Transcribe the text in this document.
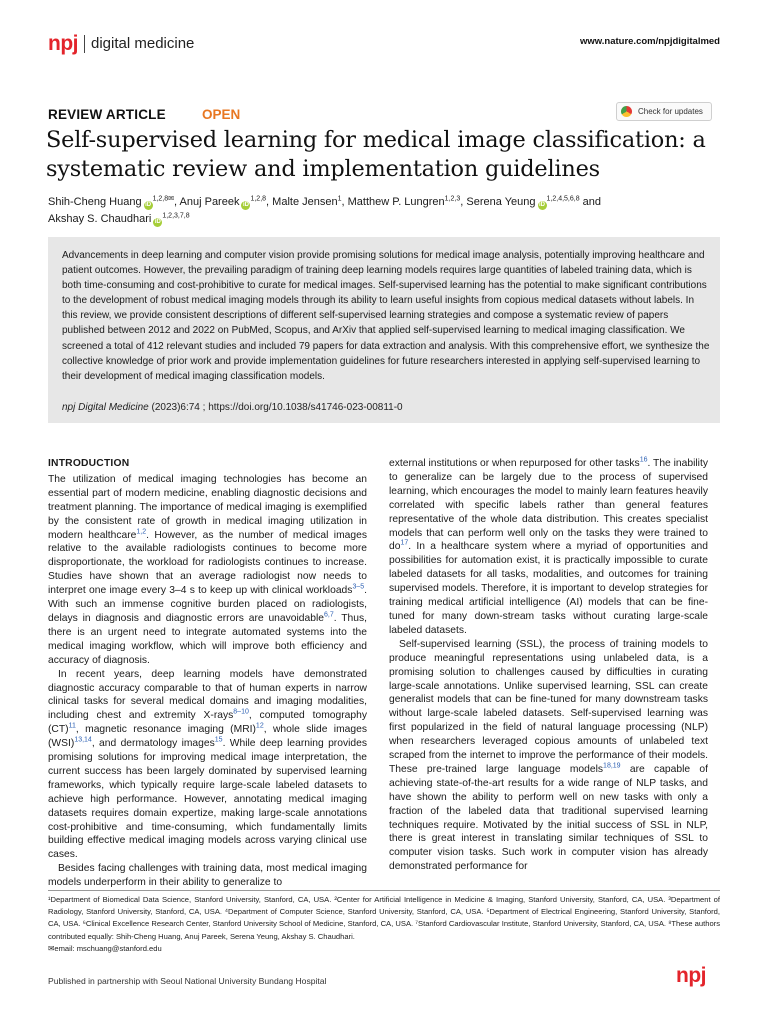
npj digital medicine	www.nature.com/npjdigitalmed
REVIEW ARTICLE	OPEN	Check for updates
Self-supervised learning for medical image classification: a systematic review and implementation guidelines
Shih-Cheng Huang $iD^{1,2,8✉}$, Anuj Pareek iD$^{1,2,8}$, Malte Jensen$^1$, Matthew P. Lungren$^{1,2,3}$, Serena Yeung iD$^{1,2,4,5,6,8}$ and
Akshay S. Chaudhari iD$^{1,2,3,7,8}$

Advancements in deep learning and computer vision provide promising solutions for medical image analysis, potentially improving healthcare and patient outcomes. However, the prevailing paradigm of training deep learning models requires large quantities of labeled training data, which is both time-consuming and cost-prohibitive to curate for medical images. Self-supervised learning has the potential to make significant contributions to the development of robust medical imaging models through its ability to learn useful insights from copious medical datasets without labels. In this review, we provide consistent descriptions of different self-supervised learning strategies and compose a systematic review of papers published between 2012 and 2022 on PubMed, Scopus, and ArXiv that applied self-supervised learning to medical imaging classification. We screened a total of 412 relevant studies and included 79 papers for data extraction and analysis. With this comprehensive effort, we synthesize the collective knowledge of prior work and provide implementation guidelines for future researchers interested in applying self-supervised learning to their development of medical imaging classification models.

npj Digital Medicine (2023)6:74 ; https://doi.org/10.1038/s41746-023-00811-0
INTRODUCTION

The utilization of medical imaging technologies has become an essential part of modern medicine, enabling diagnostic decisions and treatment planning. The importance of medical imaging is exemplified by the consistent rate of growth in medical imaging utilization in modern healthcare$^{1,2}$. However, as the number of medical images relative to the available radiologists continues to become more disproportionate, the workload for radiologists continues to increase. Studies have shown that an average radiologist now needs to interpret one image every 3–4 s to keep up with clinical workloads$^{3-5}$. With such an immense cognitive burden placed on radiologists, delays in diagnosis and diagnostic errors are unavoidable$^{6,7}$. Thus, there is an urgent need to integrate automated systems into the medical imaging workflow, which will improve both efficiency and accuracy of diagnosis.

In recent years, deep learning models have demonstrated diagnostic accuracy comparable to that of human experts in narrow clinical tasks for several medical domains and imaging modalities, including chest and extremity X-rays$^{8-10}$, computed tomography (CT)$^{11}$, magnetic resonance imaging (MRI)$^{12}$, whole slide images (WSI)$^{13,14}$, and dermatology images$^{15}$. While deep learning provides promising solutions for improving medical image interpretation, the current success has been largely dominated by supervised learning frameworks, which typically require large-scale labeled datasets to achieve high performance. However, annotating medical imaging datasets requires domain expertize, making large-scale annotations cost-prohibitive and time-consuming, which fundamentally limits building effective medical imaging models across varying clinical use cases.

Besides facing challenges with training data, most medical imaging models underperform in their ability to generalize to

external institutions or when repurposed for other tasks$^{16}$. The inability to generalize can be largely due to the process of supervised learning, which encourages the model to mainly learn features heavily correlated with specific labels rather than general features representative of the whole data distribution. This creates specialist models that can perform well only on the tasks they were trained to do$^{17}$. In a healthcare system where a myriad of opportunities and possibilities for automation exist, it is practically impossible to curate labeled datasets for all tasks, modalities, and outcomes for training supervised models. Therefore, it is important to develop strategies for training medical artificial intelligence (AI) models that can be fine-tuned for many down-stream tasks without curating large-scale labeled datasets.

Self-supervised learning (SSL), the process of training models to produce meaningful representations using unlabeled data, is a promising solution to challenges caused by difficulties in curating large-scale annotations. Unlike supervised learning, SSL can create generalist models that can be fine-tuned for many downstream tasks without large-scale labeled datasets. Self-supervised learning was first popularized in the field of natural language processing (NLP) when researchers leveraged copious amounts of unlabeled text scraped from the internet to improve the performance of their models. These pre-trained large language models$^{18,19}$ are capable of achieving state-of-the-art results for a wide range of NLP tasks, and have shown the ability to perform well on new tasks with only a fraction of the labeled data that traditional supervised learning techniques require. Motivated by the initial success of SSL in NLP, there is great interest in translating similar techniques of SSL to computer vision tasks. Such work in computer vision has already demonstrated performance for

¹Department of Biomedical Data Science, Stanford University, Stanford, CA, USA. ²Center for Artificial Intelligence in Medicine & Imaging, Stanford University, Stanford, CA, USA. ³Department of Radiology, Stanford University, Stanford, CA, USA. ⁴Department of Computer Science, Stanford University, Stanford, CA, USA. ⁵Department of Electrical Engineering, Stanford University, Stanford, CA, USA. ⁶Clinical Excellence Research Center, Stanford University School of Medicine, Stanford, CA, USA. ⁷Stanford Cardiovascular Institute, Stanford University, Stanford, CA, USA. ⁸These authors contributed equally: Shih-Cheng Huang, Anuj Pareek, Serena Yeung, Akshay S. Chaudhari.
✉email: mschuang@stanford.edu
Published in partnership with Seoul National University Bundang Hospital	npj
